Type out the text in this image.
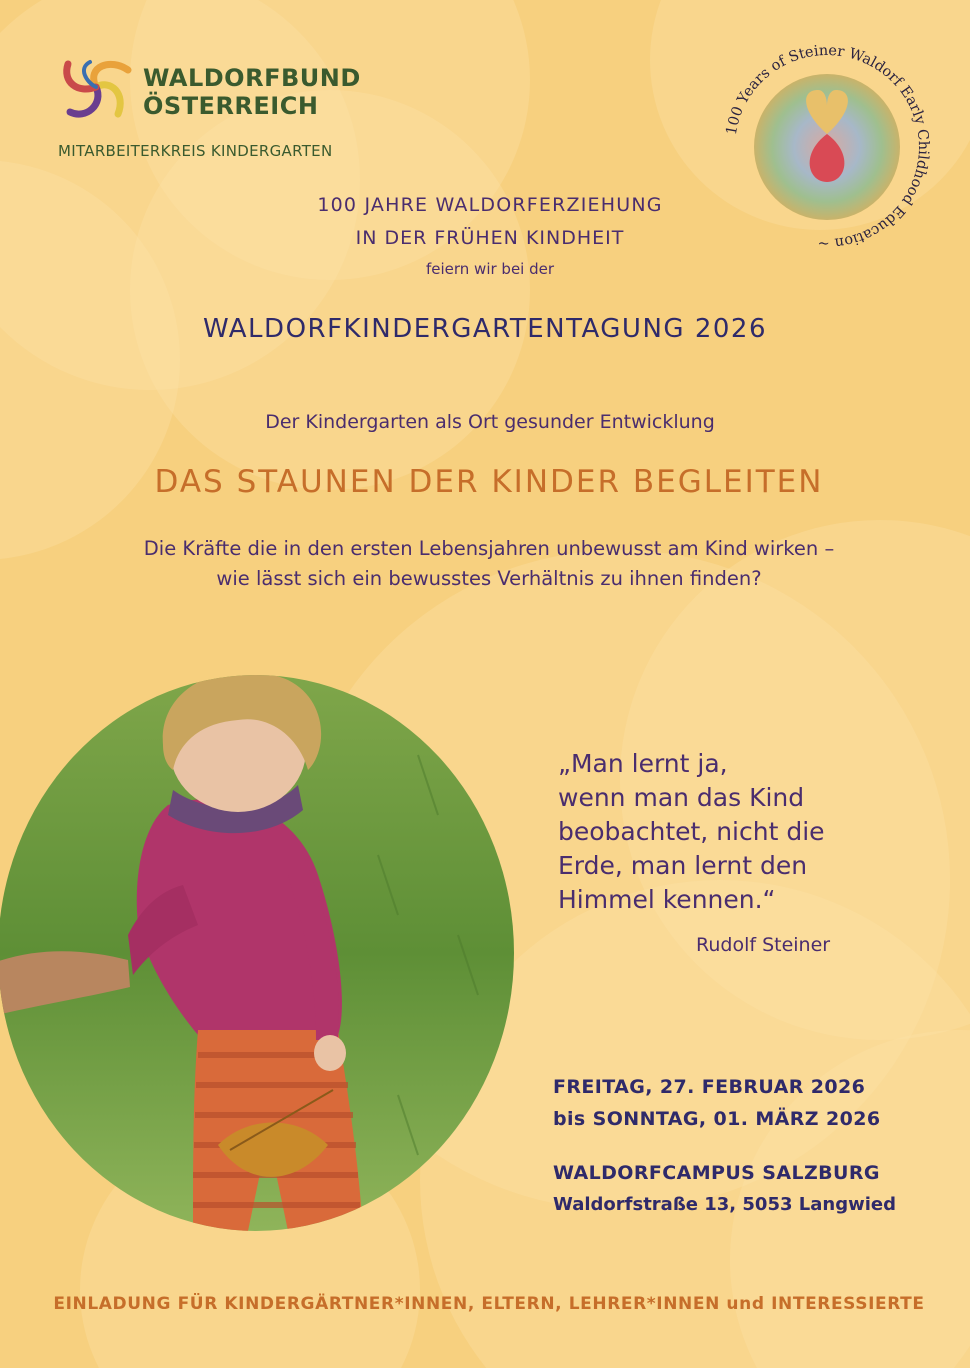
WALDORFBUND
ÖSTERREICH
MITARBEITERKREIS KINDERGARTEN
100 Years of Steiner Waldorf Early Childhood Education ~
100 JAHRE WALDORFERZIEHUNG
IN DER FRÜHEN KINDHEIT
feiern wir bei der
WALDORFKINDERGARTENTAGUNG 2026
Der Kindergarten als Ort gesunder Entwicklung
DAS STAUNEN DER KINDER BEGLEITEN
Die Kräfte die in den ersten Lebensjahren unbewusst am Kind wirken –
wie lässt sich ein bewusstes Verhältnis zu ihnen finden?
„Man lernt ja,
wenn man das Kind
beobachtet, nicht die
Erde, man lernt den
Himmel kennen.“
Rudolf Steiner
FREITAG, 27. FEBRUAR 2026
bis SONNTAG, 01. MÄRZ 2026
WALDORFCAMPUS SALZBURG
Waldorfstraße 13, 5053 Langwied
EINLADUNG FÜR KINDERGÄRTNER*INNEN, ELTERN, LEHRER*INNEN und INTERESSIERTE
